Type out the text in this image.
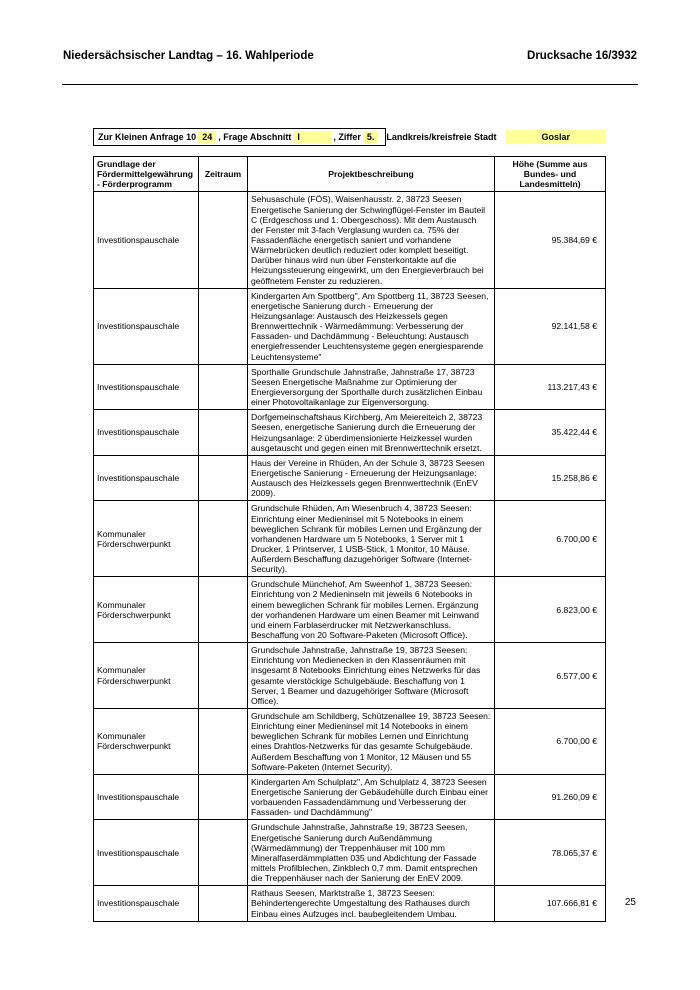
Niedersächsischer Landtag – 16. Wahlperiode	Drucksache 16/3932
Zur Kleinen Anfrage 10 24 , Frage Abschnitt I	, Ziffer 5.	Landkreis/kreisfreie Stadt	Goslar
Grundlage der Fördermittelgewährung - Förderprogramm	Zeitraum	Projektbeschreibung	Höhe (Summe aus Bundes- und Landesmitteln)
Investitionspauschale		Sehusaschule (FÖS), Waisenhausstr. 2, 38723 Seesen Energetische Sanierung der Schwingflügel-Fenster im Bauteil C (Erdgeschoss und 1. Obergeschoss). Mit dem Austausch der Fenster mit 3-fach Verglasung wurden ca. 75% der Fassadenfläche energetisch saniert und vorhandene Wärmebrücken deutlich reduziert oder komplett beseitigt. Darüber hinaus wird nun über Fensterkontakte auf die Heizungssteuerung eingewirkt, um den Energieverbrauch bei geöffnetem Fenster zu reduzieren.	95.384,69 €
Investitionspauschale		Kindergarten Am Spottberg", Am Spottberg 11, 38723 Seesen, energetische Sanierung durch - Erneuerung der Heizungsanlage: Austausch des Heizkessels gegen Brennwerttechnik - Wärmedämmung: Verbesserung der Fassaden- und Dachdämmung - Beleuchtung: Austausch energiefressender Leuchtensysteme gegen energiesparende Leuchtensysteme"	92.141,58 €
Investitionspauschale		Sporthalle Grundschule Jahnstraße, Jahnstraße 17, 38723 Seesen Energetische Maßnahme zur Optimierung der Energieversorgung der Sporthalle durch zusätzlichen Einbau einer Photovoltaikanlage zur Eigenversorgung.	113.217,43 €
Investitionspauschale		Dorfgemeinschaftshaus Kirchberg, Am Meiereiteich 2, 38723 Seesen, energetische Sanierung durch die Erneuerung der Heizungsanlage: 2 überdimensionierte Heizkessel wurden ausgetauscht und gegen einen mit Brennwerttechnik ersetzt.	35.422,44 €
Investitionspauschale		Haus der Vereine in Rhüden, An der Schule 3, 38723 Seesen Energetische Sanierung - Erneuerung der Heizungsanlage: Austausch des Heizkessels gegen Brennwerttechnik (EnEV 2009).	15.258,86 €
Kommunaler Förderschwerpunkt		Grundschule Rhüden, Am Wiesenbruch 4, 38723 Seesen: Einrichtung einer Medieninsel mit 5 Notebooks in einem beweglichen Schrank für mobiles Lernen und Ergänzung der vorhandenen Hardware um 5 Notebooks, 1 Server mit 1 Drucker, 1 Printserver, 1 USB-Stick, 1 Monitor, 10 Mäuse. Außerdem Beschaffung dazugehöriger Software (Internet-Security).	6.700,00 €
Kommunaler Förderschwerpunkt		Grundschule Münchehof, Am Sweenhof 1, 38723 Seesen: Einrichtung von 2 Medieninseln mit jeweils 6 Notebooks in einem beweglichen Schrank für mobiles Lernen. Ergänzung der vorhandenen Hardware um einen Beamer mit Leinwand und einem Farblaserdrucker mit Netzwerkanschluss. Beschaffung von 20 Software-Paketen (Microsoft Office).	6.823,00 €
Kommunaler Förderschwerpunkt		Grundschule Jahnstraße, Jahnstraße 19, 38723 Seesen: Einrichtung von Medienecken in den Klassenräumen mit insgesamt 8 Notebooks Einrichtung eines Netzwerks für das gesamte vierstöckige Schulgebäude. Beschaffung von 1 Server, 1 Beamer und dazugehöriger Software (Microsoft Office).	6.577,00 €
Kommunaler Förderschwerpunkt		Grundschule am Schildberg, Schützenallee 19, 38723 Seesen: Einrichtung einer Medieninsel mit 14 Notebooks in einem beweglichen Schrank für mobiles Lernen und Einrichtung eines Drahtlos-Netzwerks für das gesamte Schulgebäude. Außerdem Beschaffung von 1 Monitor, 12 Mäusen und 55 Software-Paketen (Internet Security).	6.700,00 €
Investitionspauschale		Kindergarten Am Schulplatz", Am Schulplatz 4, 38723 Seesen Energetische Sanierung der Gebäudehülle durch Einbau einer vorbauenden Fassadendämmung und Verbesserung der Fassaden- und Dachdämmung"	91.260,09 €
Investitionspauschale		Grundschule Jahnstraße, Jahnstraße 19, 38723 Seesen, Energetische Sanierung durch Außendämmung (Wärmedämmung) der Treppenhäuser mit 100 mm Mineralfaserdämmplatten 035 und Abdichtung der Fassade mittels Profilblechen, Zinkblech 0,7 mm. Damit entsprechen die Treppenhäuser nach der Sanierung der EnEV 2009.	78.065,37 €
Investitionspauschale		Rathaus Seesen, Marktstraße 1, 38723 Seesen: Behindertengerechte Umgestaltung des Rathauses durch Einbau eines Aufzuges incl. baubegleitendem Umbau.	107.666,81 €	25
